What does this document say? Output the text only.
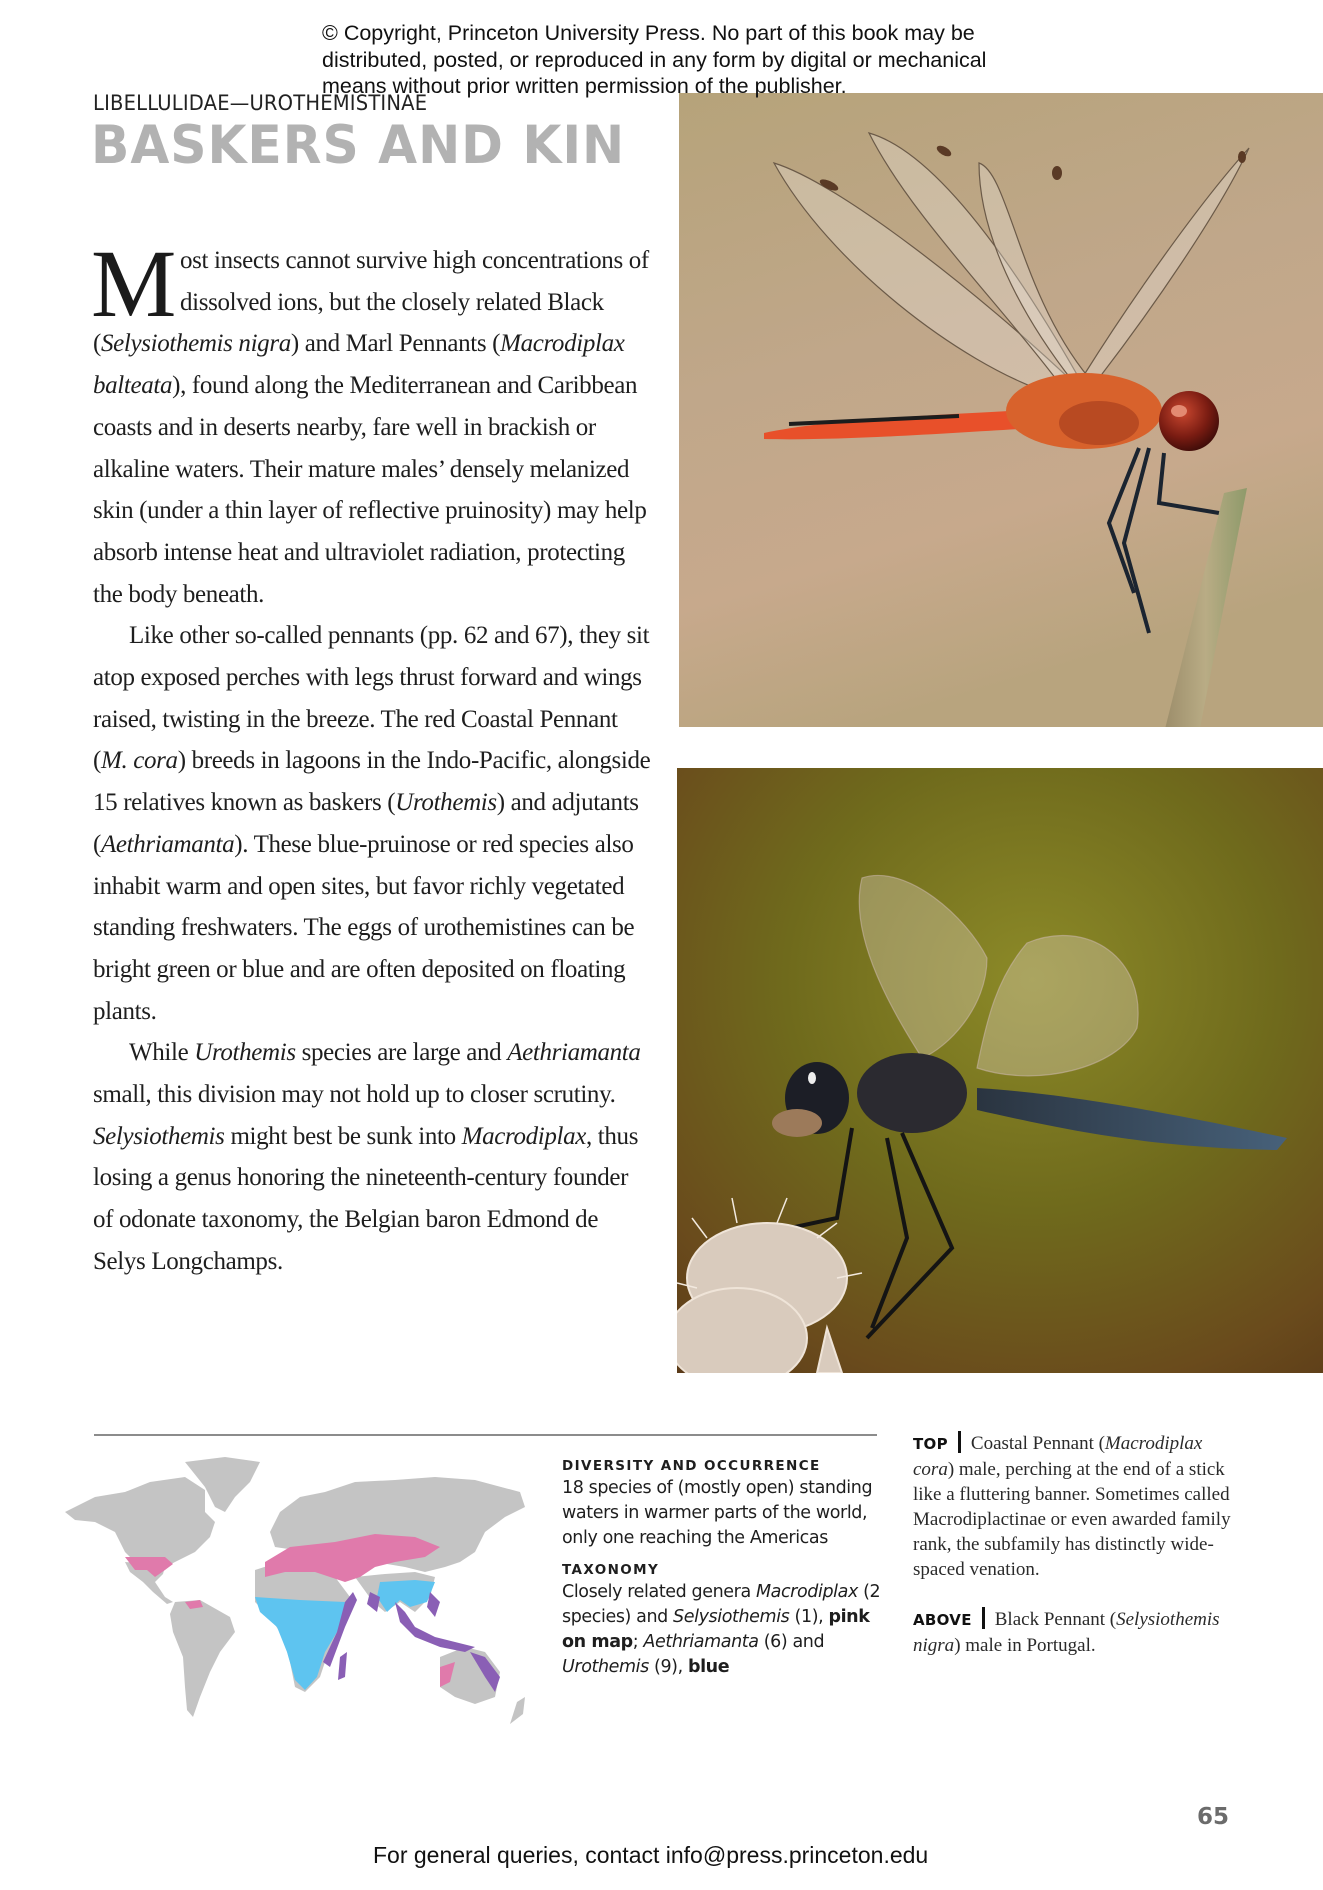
© Copyright, Princeton University Press. No part of this book may be
distributed, posted, or reproduced in any form by digital or mechanical
means without prior written permission of the publisher.
LIBELLULIDAE—UROTHEMISTINAE
BASKERS AND KIN

Most insects cannot survive high concentrations of dissolved ions, but the closely related Black (Selysiothemis nigra) and Marl Pennants (Macrodiplax balteata), found along the Mediterranean and Caribbean coasts and in deserts nearby, fare well in brackish or alkaline waters. Their mature males’ densely melanized skin (under a thin layer of reflective pruinosity) may help absorb intense heat and ultraviolet radiation, protecting the body beneath.

Like other so-called pennants (pp. 62 and 67), they sit atop exposed perches with legs thrust forward and wings raised, twisting in the breeze. The red Coastal Pennant (M. cora) breeds in lagoons in the Indo-Pacific, alongside 15 relatives known as baskers (Urothemis) and adjutants (Aethriamanta). These blue-pruinose or red species also inhabit warm and open sites, but favor richly vegetated standing freshwaters. The eggs of urothemistines can be bright green or blue and are often deposited on floating plants.

While Urothemis species are large and Aethriamanta small, this division may not hold up to closer scrutiny. Selysiothemis might best be sunk into Macrodiplax, thus losing a genus honoring the nineteenth-century founder of odonate taxonomy, the Belgian baron Edmond de Selys Longchamps.

DIVERSITY AND OCCURRENCE
18 species of (mostly open) standing waters in warmer parts of the world, only one reaching the Americas
TAXONOMY
Closely related genera Macrodiplax (2 species) and Selysiothemis (1), pink on map; Aethriamanta (6) and Urothemis (9), blue
TOP Coastal Pennant (Macrodiplax cora) male, perching at the end of a stick like a fluttering banner. Sometimes called Macrodiplactinae or even awarded family rank, the subfamily has distinctly wide-spaced venation.
ABOVE Black Pennant (Selysiothemis nigra) male in Portugal.
65
For general queries, contact info@press.princeton.edu
